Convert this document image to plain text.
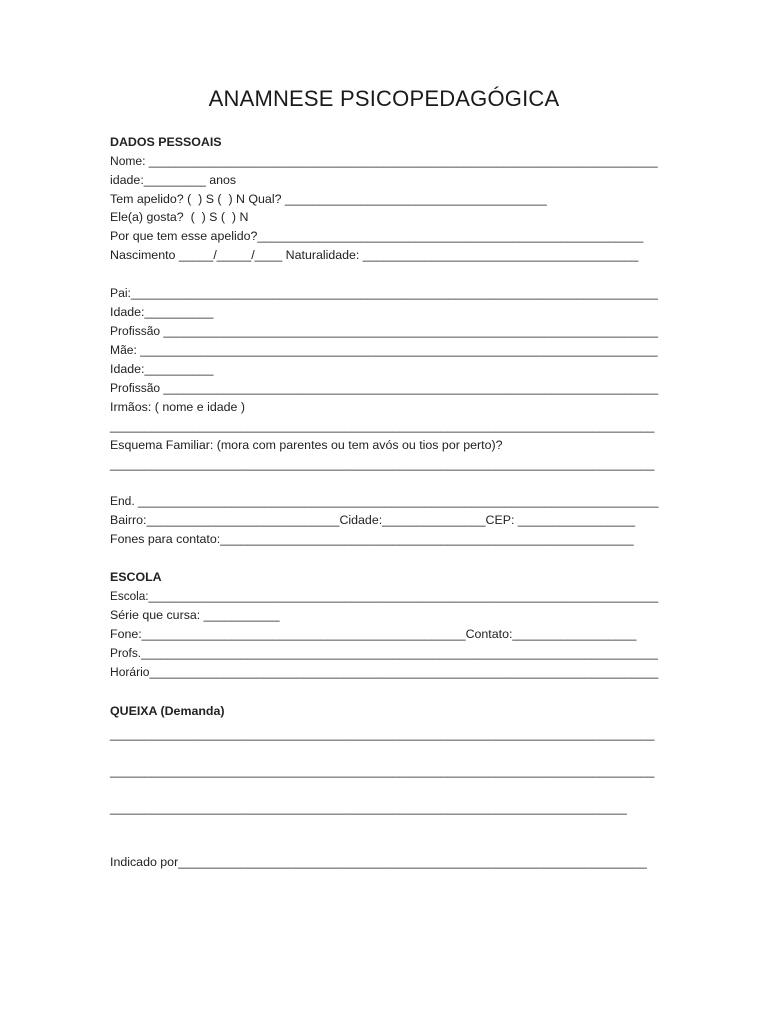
ANAMNESE PSICOPEDAGÓGICA
DADOS PESSOAIS
Nome: ____________________________________________________________________________
idade:_________ anos
Tem apelido? (  ) S (  ) N Qual? ______________________________________
Ele(a) gosta?  (  ) S (  ) N
Por que tem esse apelido?________________________________________________________
Nascimento _____/_____/____ Naturalidade: ________________________________________
Pai:______________________________________________________________________________
Idade:__________
Profissão __________________________________________________________________________
Mãe: _____________________________________________________________________________
Idade:__________
Profissão __________________________________________________________________________
Irmãos: ( nome e idade )
_______________________________________________________________________________
Esquema Familiar: (mora com parentes ou tem avós ou tios por perto)?
_______________________________________________________________________________
End. ______________________________________________________________________________
Bairro:____________________________Cidade:_______________CEP: _________________
Fones para contato:____________________________________________________________
ESCOLA
Escola:______________________________________________________________________________
Série que cursa: ___________
Fone:_______________________________________________Contato:__________________
Profs.______________________________________________________________________________
Horário____________________________________________________________________________
QUEIXA (Demanda)
_______________________________________________________________________________
_______________________________________________________________________________
___________________________________________________________________________
Indicado por____________________________________________________________________
